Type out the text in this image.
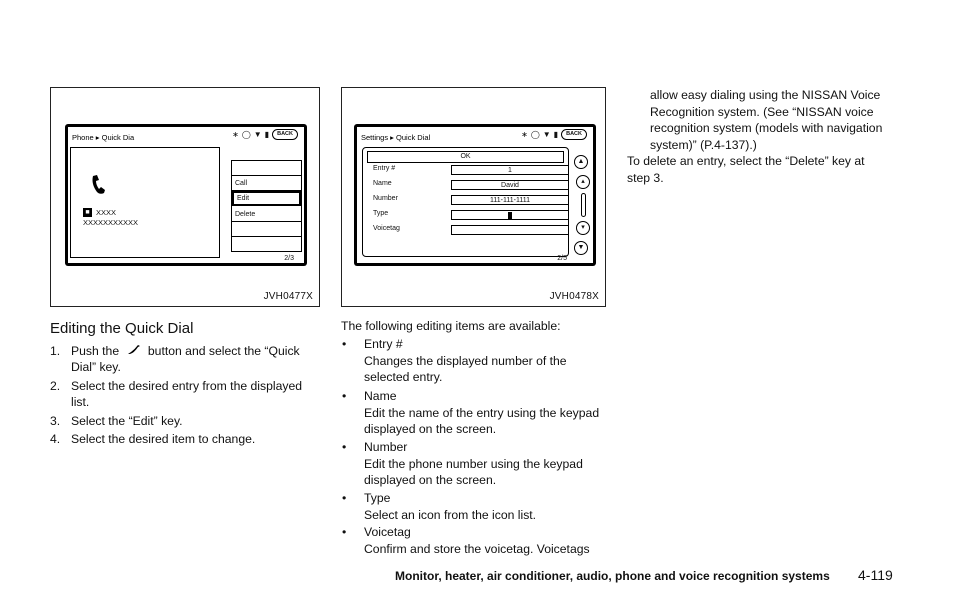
Phone ▸ Quick Dia	∗ ◯ ▼ ▮	BACK
■ XXXX
XXXXXXXXXXX
Call
Edit
Delete
2/3
JVH0477X
Settings ▸ Quick Dial	∗ ◯ ▼ ▮	BACK
OK
Entry #	1
Name	David
Number	111-111-1111
Type
Voicetag
▲
▴
▾
▼
2/5
JVH0478X
Editing the Quick Dial
1. Push the button and select the “Quick
Dial” key.
2. Select the desired entry from the displayed
list.
3. Select the “Edit” key.
4. Select the desired item to change.
The following editing items are available:
•	Entry #
Changes the displayed number of the
selected entry.
•	Name
Edit the name of the entry using the keypad
displayed on the screen.
•	Number
Edit the phone number using the keypad
displayed on the screen.
•	Type
Select an icon from the icon list.
•	Voicetag
Confirm and store the voicetag. Voicetags
allow easy dialing using the NISSAN Voice
Recognition system. (See “NISSAN voice
recognition system (models with navigation
system)” (P.4-137).)
To delete an entry, select the “Delete” key at
step 3.
Monitor, heater, air conditioner, audio, phone and voice recognition systems 4-119
